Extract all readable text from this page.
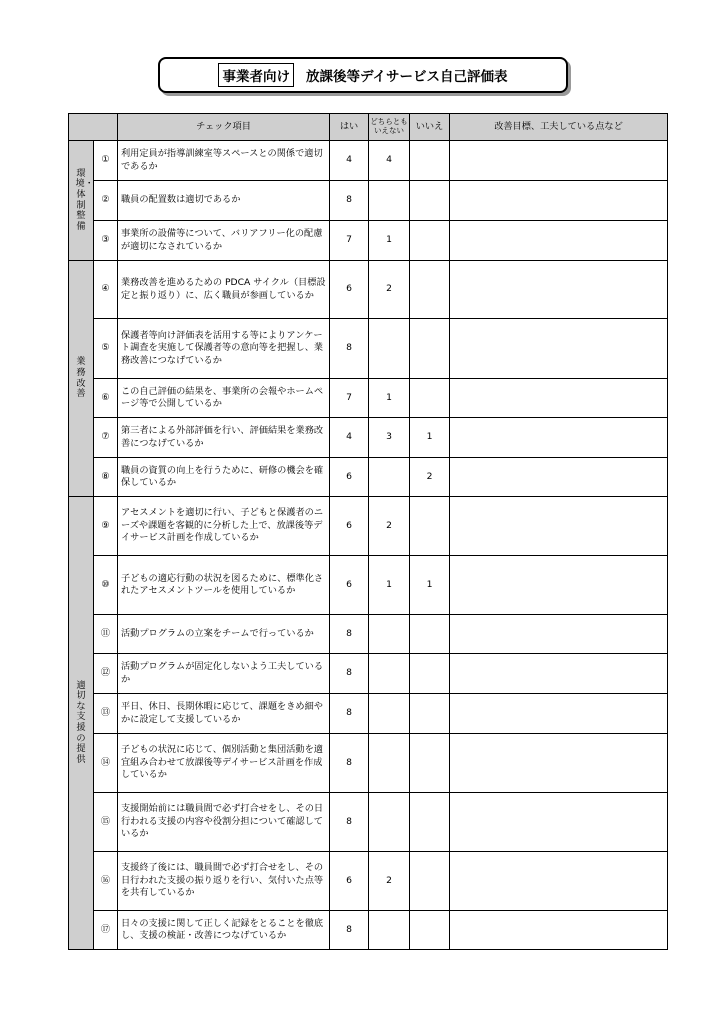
事業者向け 放課後等デイサービス自己評価表
		チェック項目	はい	どちらとも
いえない	いいえ	改善目標、工夫している点など

環境・体制整備	①	利用定員が指導訓練室等スペースとの関係で適切であるか	4	4		
	②	職員の配置数は適切であるか	8			
	③	事業所の設備等について、バリアフリー化の配慮が適切になされているか	7	1		

業務改善	④	業務改善を進めるための PDCA サイクル（目標設定と振り返り）に、広く職員が参画しているか	6	2		
	⑤	保護者等向け評価表を活用する等によりアンケート調査を実施して保護者等の意向等を把握し、業務改善につなげているか	8			
	⑥	この自己評価の結果を、事業所の会報やホームページ等で公開しているか	7	1		
	⑦	第三者による外部評価を行い、評価結果を業務改善につなげているか	4	3	1	
	⑧	職員の資質の向上を行うために、研修の機会を確保しているか	6		2	

適切な支援の提供	⑨	アセスメントを適切に行い、子どもと保護者のニーズや課題を客観的に分析した上で、放課後等デイサービス計画を作成しているか	6	2		
	⑩	子どもの適応行動の状況を図るために、標準化されたアセスメントツールを使用しているか	6	1	1	
	⑪	活動プログラムの立案をチームで行っているか	8			
	⑫	活動プログラムが固定化しないよう工夫しているか	8			
	⑬	平日、休日、長期休暇に応じて、課題をきめ細やかに設定して支援しているか	8			
	⑭	子どもの状況に応じて、個別活動と集団活動を適宜組み合わせて放課後等デイサービス計画を作成しているか	8			
	⑮	支援開始前には職員間で必ず打合せをし、その日行われる支援の内容や役割分担について確認しているか	8			
	⑯	支援終了後には、職員間で必ず打合せをし、その日行われた支援の振り返りを行い、気付いた点等を共有しているか	6	2		
	⑰	日々の支援に関して正しく記録をとることを徹底し、支援の検証・改善につなげているか	8			
